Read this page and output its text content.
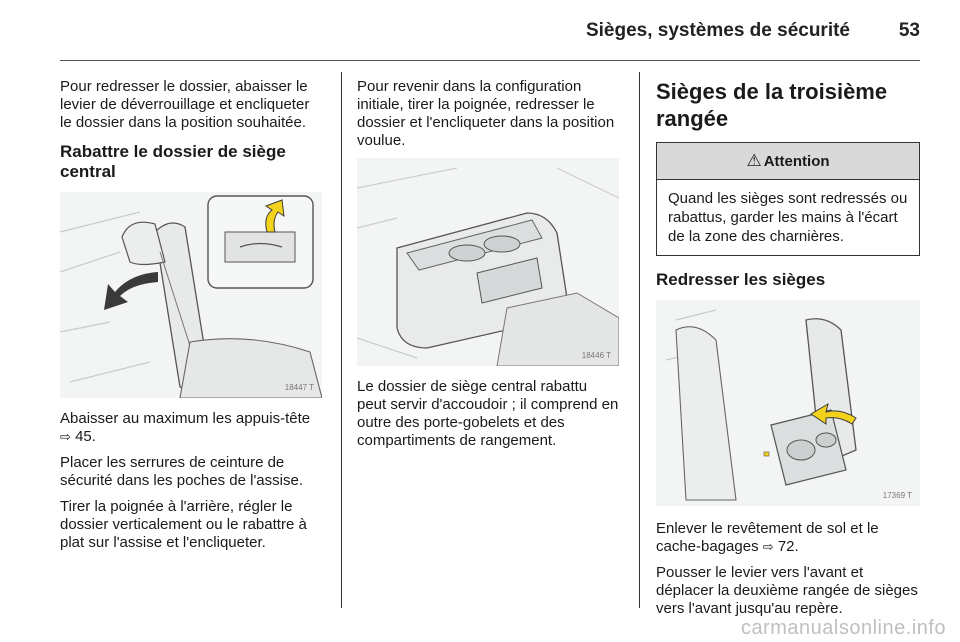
Sièges, systèmes de sécurité	53

Pour redresser le dossier, abaisser le levier de déverrouillage et encliqueter le dossier dans la position souhaitée.

Rabattre le dossier de siège central
18447 T

Abaisser au maximum les appuis-tête ⇨ 45.

Placer les serrures de ceinture de sécurité dans les poches de l'assise.

Tirer la poignée à l'arrière, régler le dossier verticalement ou le rabattre à plat sur l'assise et l'encliqueter.

Pour revenir dans la configuration initiale, tirer la poignée, redresser le dossier et l'encliqueter dans la position voulue.

18446 T

Le dossier de siège central rabattu peut servir d'accoudoir ; il comprend en outre des porte-gobelets et des compartiments de rangement.

Sièges de la troisième rangée
⚠ Attention
Quand les sièges sont redressés ou rabattus, garder les mains à l'écart de la zone des charnières.
Redresser les sièges
17369 T

Enlever le revêtement de sol et le cache-bagages ⇨ 72.

Pousser le levier vers l'avant et déplacer la deuxième rangée de sièges vers l'avant jusqu'au repère.

carmanualsonline.info
